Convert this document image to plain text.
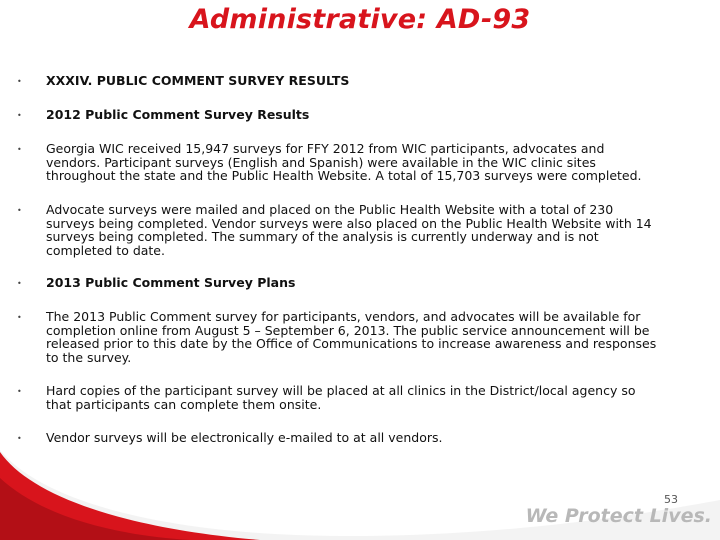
Administrative: AD-93
• XXXIV. PUBLIC COMMENT SURVEY RESULTS
• 2012 Public Comment Survey Results
• Georgia WIC received 15,947 surveys for FFY 2012 from WIC participants, advocates and vendors. Participant surveys (English and Spanish) were available in the WIC clinic sites throughout the state and the Public Health Website. A total of 15,703 surveys were completed.
• Advocate surveys were mailed and placed on the Public Health Website with a total of 230 surveys being completed. Vendor surveys were also placed on the Public Health Website with 14 surveys being completed. The summary of the analysis is currently underway and is not completed to date.
• 2013 Public Comment Survey Plans
• The 2013 Public Comment survey for participants, vendors, and advocates will be available for completion online from August 5 – September 6, 2013. The public service announcement will be released prior to this date by the Office of Communications to increase awareness and responses to the survey.
• Hard copies of the participant survey will be placed at all clinics in the District/local agency so that participants can complete them onsite.
• Vendor surveys will be electronically e-mailed to at all vendors.
53
We Protect Lives.
